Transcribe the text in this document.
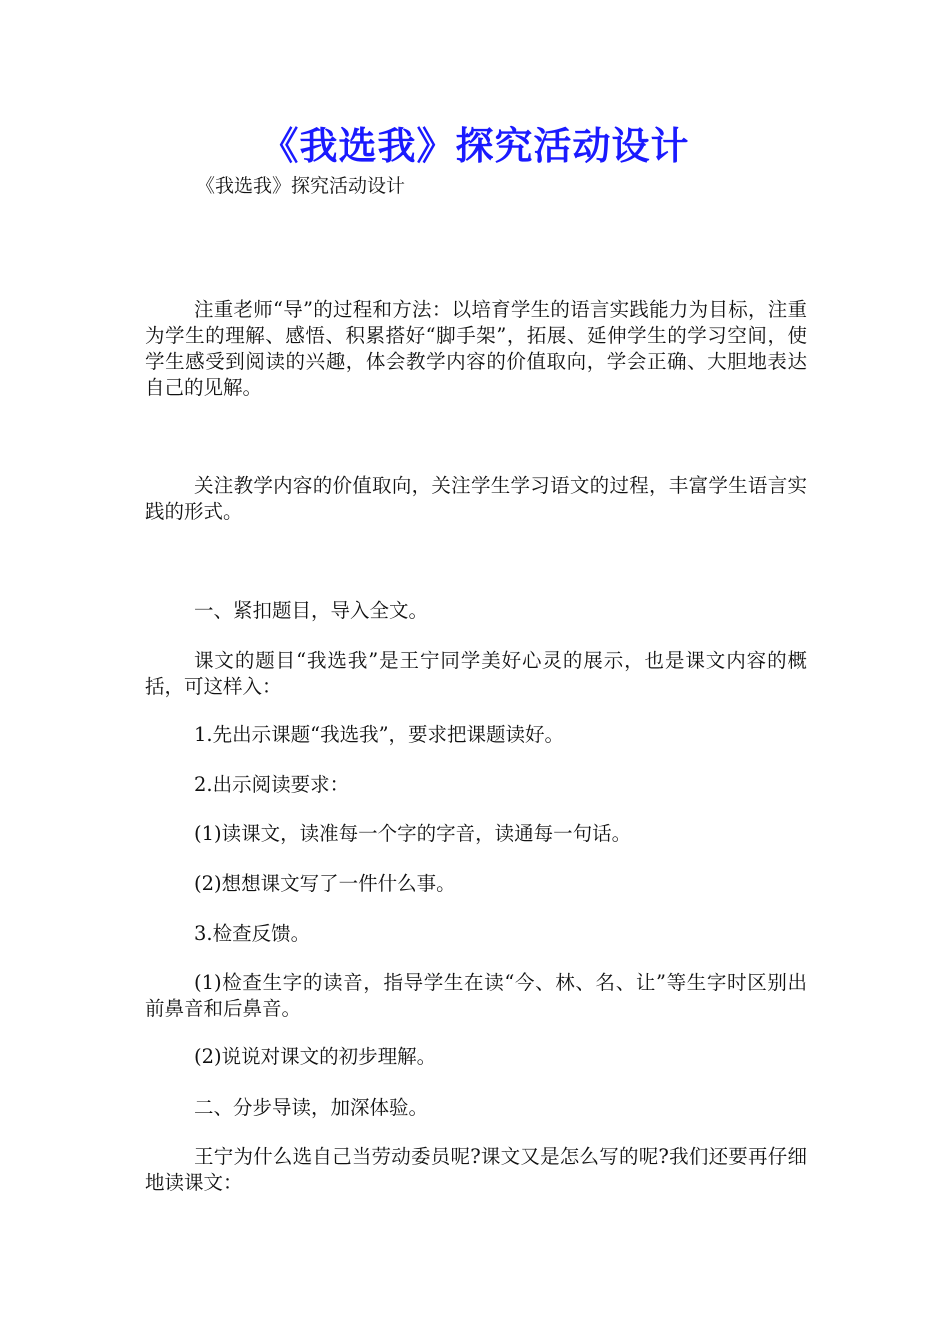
《我选我》探究活动设计
《我选我》探究活动设计

注重老师“导”的过程和方法：以培育学生的语言实践能力为目标，注重为学生的理解、感悟、积累搭好“脚手架”，拓展、延伸学生的学习空间，使学生感受到阅读的兴趣，体会教学内容的价值取向，学会正确、大胆地表达自己的见解。

关注教学内容的价值取向，关注学生学习语文的过程，丰富学生语言实践的形式。

一、紧扣题目，导入全文。

课文的题目“我选我”是王宁同学美好心灵的展示，也是课文内容的概括，可这样入：

1.先出示课题“我选我”，要求把课题读好。

2.出示阅读要求：

(1)读课文，读准每一个字的字音，读通每一句话。

(2)想想课文写了一件什么事。

3.检查反馈。

(1)检查生字的读音，指导学生在读“今、林、名、让”等生字时区别出前鼻音和后鼻音。

(2)说说对课文的初步理解。

二、分步导读，加深体验。

王宁为什么选自己当劳动委员呢?课文又是怎么写的呢?我们还要再仔细地读课文：
